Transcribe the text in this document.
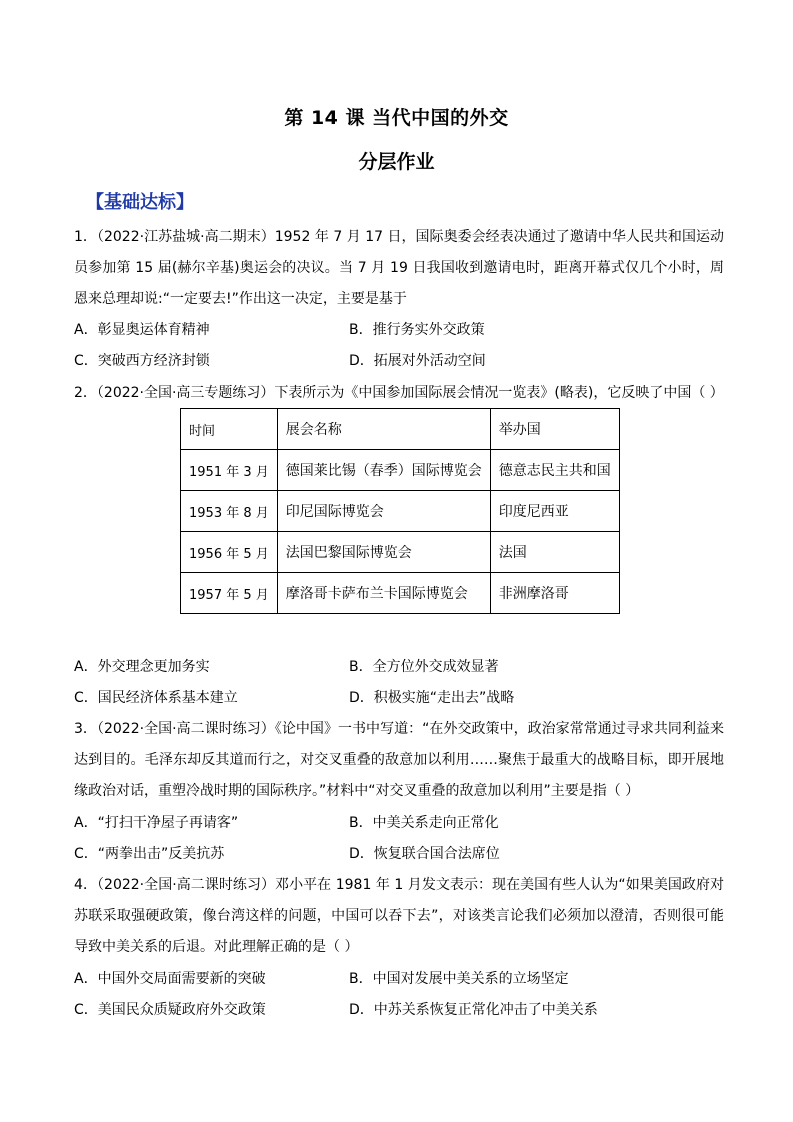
第 14 课 当代中国的外交
分层作业
【基础达标】
1．（2022·江苏盐城·高二期末）1952 年 7 月 17 日，国际奥委会经表决通过了邀请中华人民共和国运动员参加第 15 届(赫尔辛基)奥运会的决议。当 7 月 19 日我国收到邀请电时，距离开幕式仅几个小时，周恩来总理却说:“一定要去!”作出这一决定，主要是基于
A．彰显奥运体育精神	B．推行务实外交政策
C．突破西方经济封锁	D．拓展对外活动空间
2．（2022·全国·高三专题练习）下表所示为《中国参加国际展会情况一览表》(略表)，它反映了中国（ ）
时间	展会名称	举办国
1951 年 3 月	德国莱比锡（春季）国际博览会	德意志民主共和国
1953 年 8 月	印尼国际博览会	印度尼西亚
1956 年 5 月	法国巴黎国际博览会	法国
1957 年 5 月	摩洛哥卡萨布兰卡国际博览会	非洲摩洛哥
A．外交理念更加务实	B．全方位外交成效显著
C．国民经济体系基本建立	D．积极实施“走出去”战略
3．（2022·全国·高二课时练习）《论中国》一书中写道：“在外交政策中，政治家常常通过寻求共同利益来达到目的。毛泽东却反其道而行之，对交叉重叠的敌意加以利用……聚焦于最重大的战略目标，即开展地缘政治对话，重塑冷战时期的国际秩序。”材料中“对交叉重叠的敌意加以利用”主要是指（ ）
A．“打扫干净屋子再请客”	B．中美关系走向正常化
C．“两拳出击”反美抗苏	D．恢复联合国合法席位
4．（2022·全国·高二课时练习）邓小平在 1981 年 1 月发文表示：现在美国有些人认为“如果美国政府对苏联采取强硬政策，像台湾这样的问题，中国可以吞下去”，对该类言论我们必须加以澄清，否则很可能导致中美关系的后退。对此理解正确的是（ ）
A．中国外交局面需要新的突破	B．中国对发展中美关系的立场坚定
C．美国民众质疑政府外交政策	D．中苏关系恢复正常化冲击了中美关系
